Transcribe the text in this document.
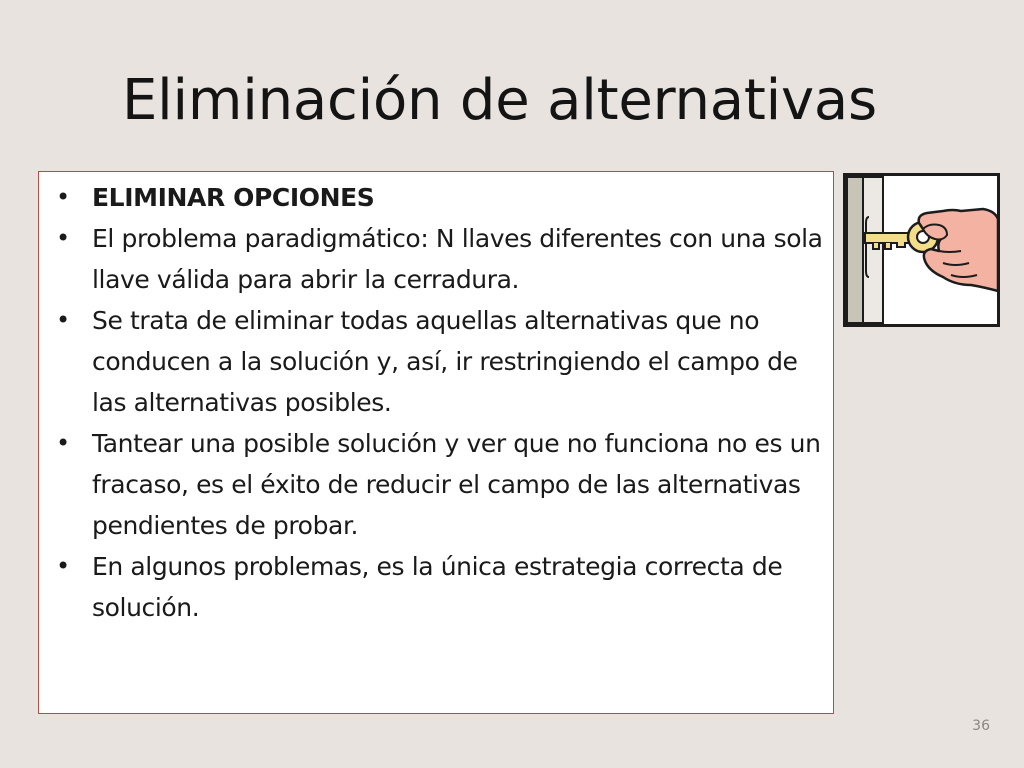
Eliminación de alternativas
• ELIMINAR OPCIONES
• El problema paradigmático: N llaves diferentes con una sola llave válida para abrir la cerradura.
• Se trata de eliminar todas aquellas alternativas que no conducen a la solución y, así, ir restringiendo el campo de las alternativas posibles.
• Tantear una posible solución y ver que no funciona no es un fracaso, es el éxito de reducir el campo de las alternativas pendientes de probar.
• En algunos problemas, es la única estrategia correcta de solución.
36
